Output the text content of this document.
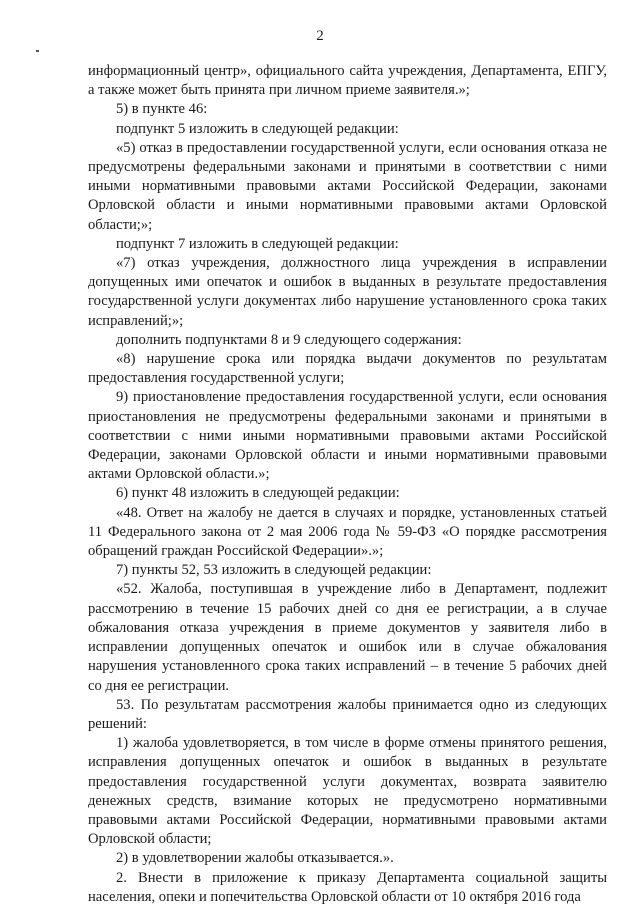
2

информационный центр», официального сайта учреждения, Департамента, ЕПГУ, а также может быть принята при личном приеме заявителя.»;

5) в пункте 46:

подпункт 5 изложить в следующей редакции:

«5) отказ в предоставлении государственной услуги, если основания отказа не предусмотрены федеральными законами и принятыми в соответствии с ними иными нормативными правовыми актами Российской Федерации, законами Орловской области и иными нормативными правовыми актами Орловской области;»;

подпункт 7 изложить в следующей редакции:

«7) отказ учреждения, должностного лица учреждения в исправлении допущенных ими опечаток и ошибок в выданных в результате предоставления государственной услуги документах либо нарушение установленного срока таких исправлений;»;

дополнить подпунктами 8 и 9 следующего содержания:

«8) нарушение срока или порядка выдачи документов по результатам предоставления государственной услуги;

9) приостановление предоставления государственной услуги, если основания приостановления не предусмотрены федеральными законами и принятыми в соответствии с ними иными нормативными правовыми актами Российской Федерации, законами Орловской области и иными нормативными правовыми актами Орловской области.»;

6) пункт 48 изложить в следующей редакции:

«48. Ответ на жалобу не дается в случаях и порядке, установленных статьей 11 Федерального закона от 2 мая 2006 года № 59-ФЗ «О порядке рассмотрения обращений граждан Российской Федерации».»;

7) пункты 52, 53 изложить в следующей редакции:

«52. Жалоба, поступившая в учреждение либо в Департамент, подлежит рассмотрению в течение 15 рабочих дней со дня ее регистрации, а в случае обжалования отказа учреждения в приеме документов у заявителя либо в исправлении допущенных опечаток и ошибок или в случае обжалования нарушения установленного срока таких исправлений – в течение 5 рабочих дней со дня ее регистрации.

53. По результатам рассмотрения жалобы принимается одно из следующих решений:

1) жалоба удовлетворяется, в том числе в форме отмены принятого решения, исправления допущенных опечаток и ошибок в выданных в результате предоставления государственной услуги документах, возврата заявителю денежных средств, взимание которых не предусмотрено нормативными правовыми актами Российской Федерации, нормативными правовыми актами Орловской области;

2) в удовлетворении жалобы отказывается.».

2. Внести в приложение к приказу Департамента социальной защиты населения, опеки и попечительства Орловской области от 10 октября 2016 года
